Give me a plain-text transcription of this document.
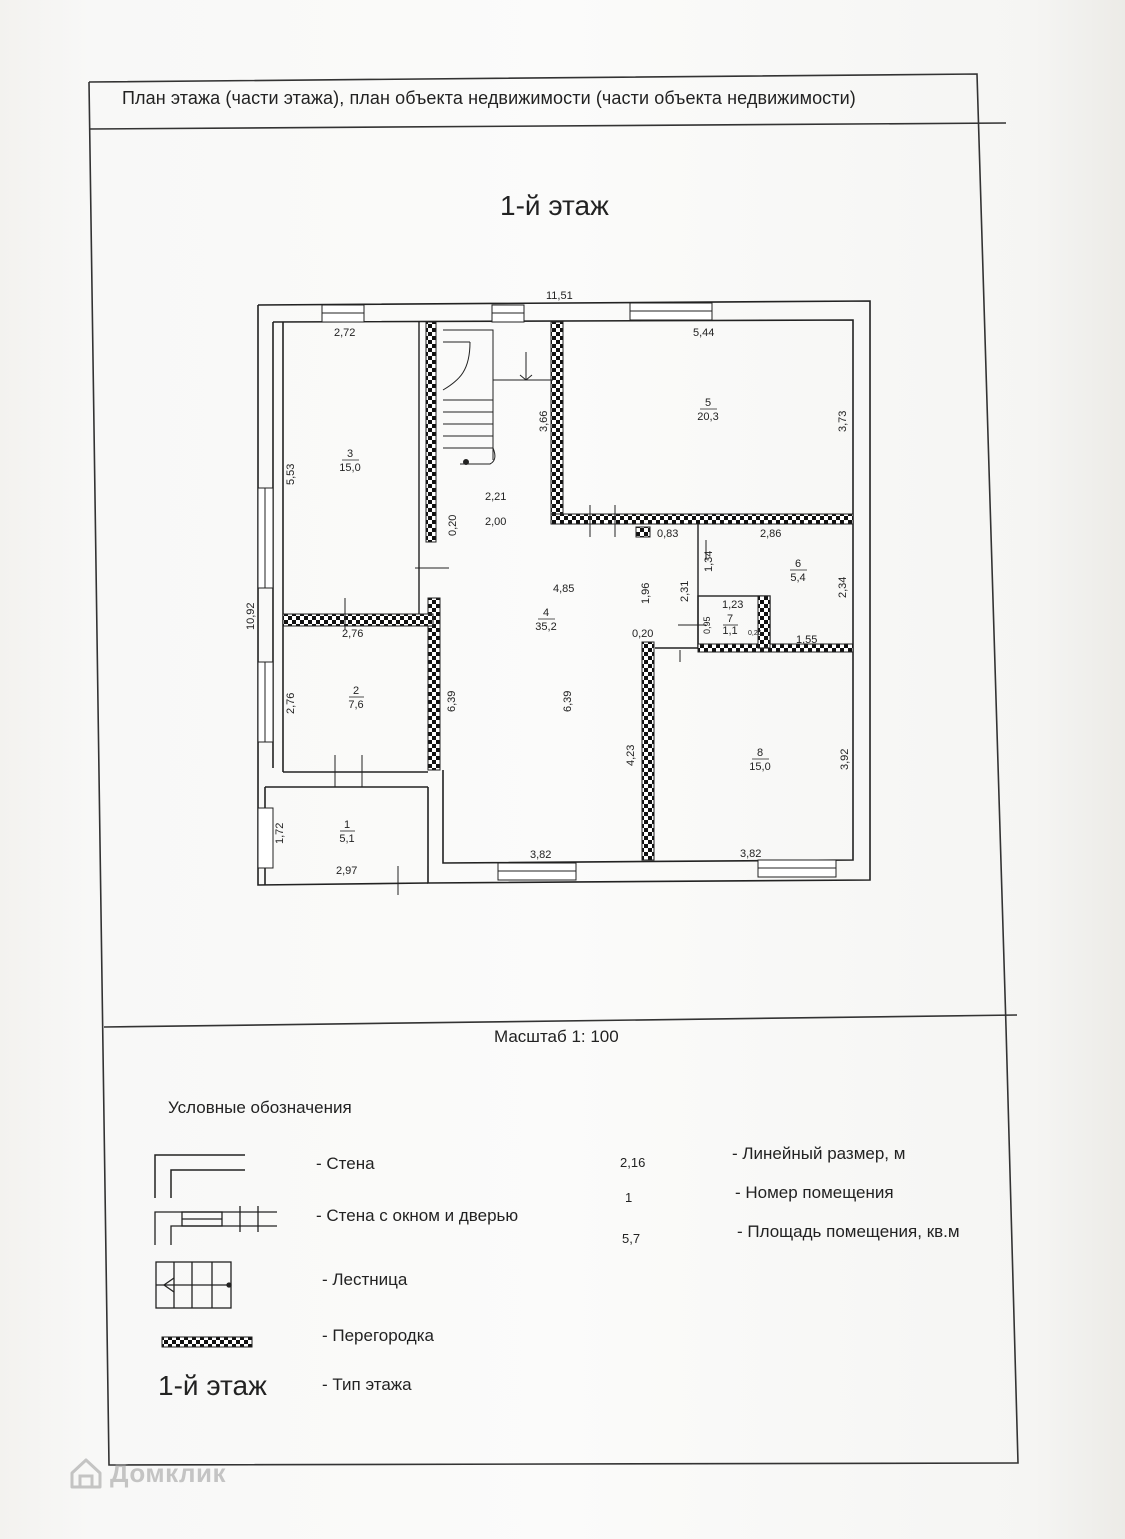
План этажа (части этажа), план объекта недвижимости (части объекта недвижимости)
1-й этаж
11,51
10,92
2,72
5,53
5,44
3,73
3,66
2,21
2,00
0,20	0,83	2,86
1,34
4,85	1,96 2,31
1,23
2,34
0,95
0,20	1,55
0,26
2,76
2,76	6,39	6,39
4,23	3,92
1,72
2,97
3,82	3,82
1
5,1
2
7,6
3
15,0
4
35,2
5
20,3
6
5,4
7
1,1
8
15,0
Масштаб 1: 100
Условные обозначения
- Стена
- Стена с окном и дверью
- Лестница
- Перегородка
- Тип этажа
1-й этаж
2,16
1
5,7
- Линейный размер, м
- Номер помещения
- Площадь помещения, кв.м
Домклик
